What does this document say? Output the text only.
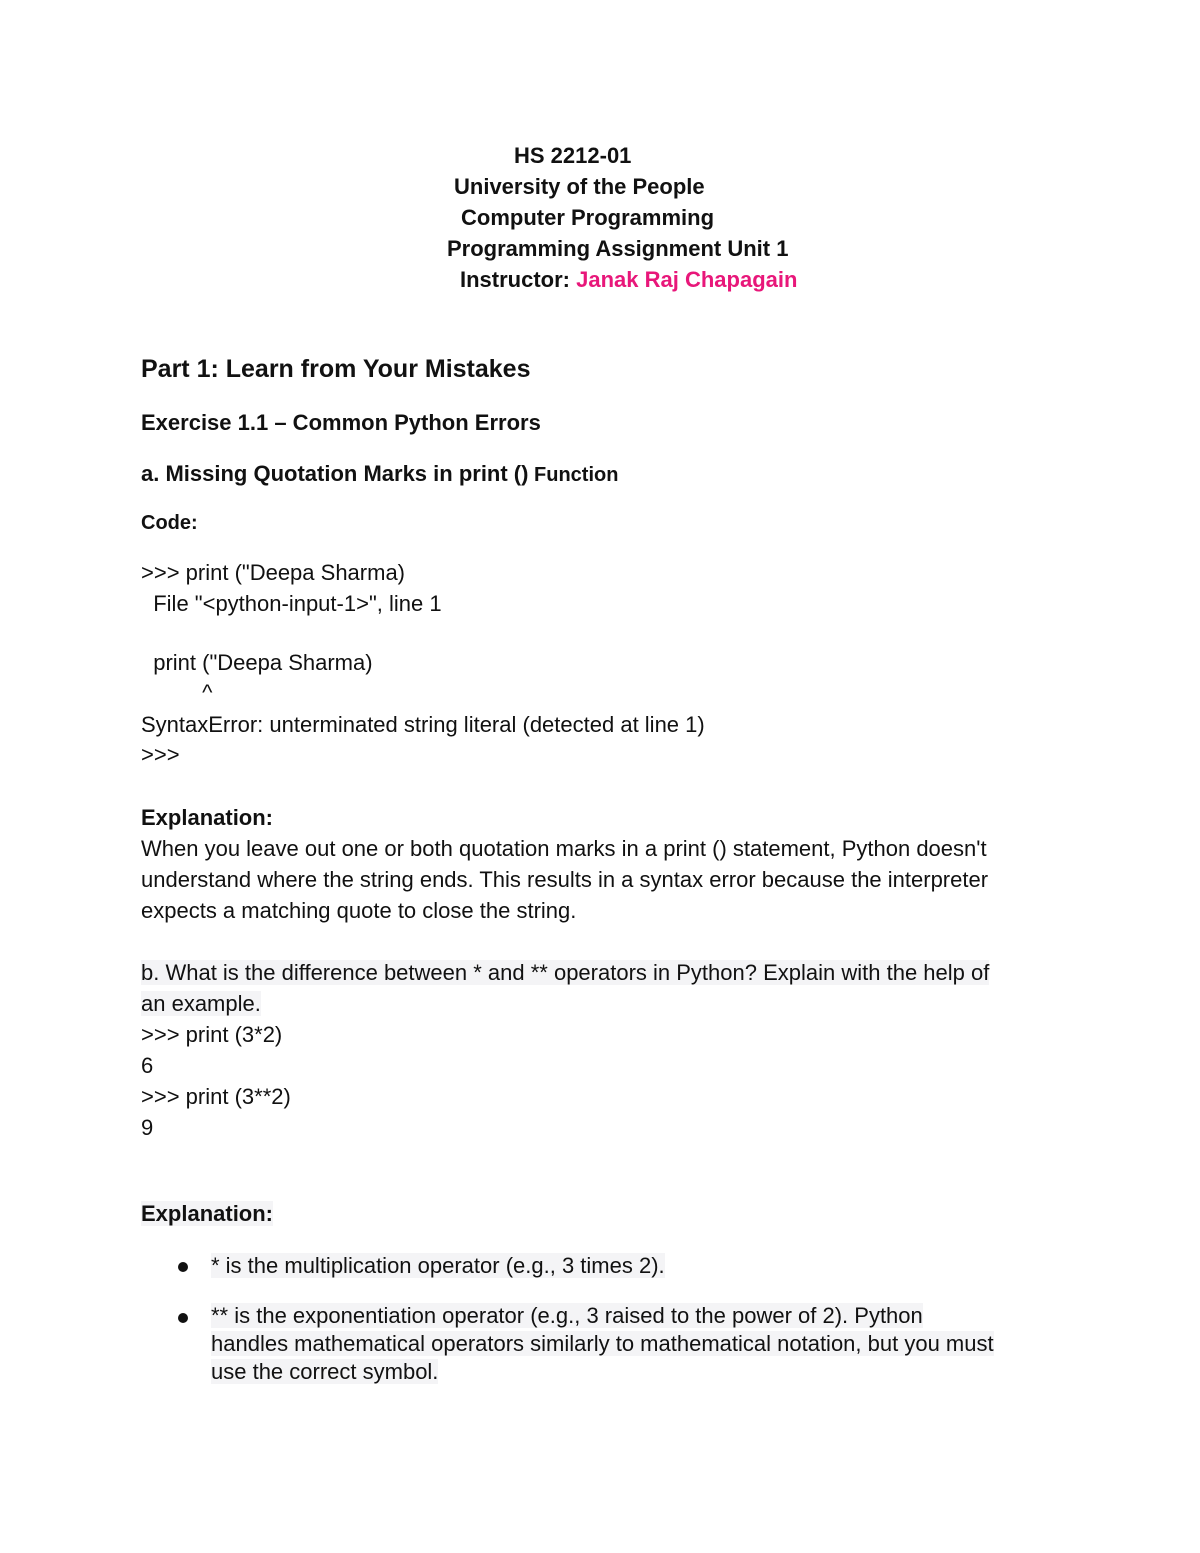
HS 2212-01

University of the People

Computer Programming

Programming Assignment Unit 1

Instructor: Janak Raj Chapagain

Part 1: Learn from Your Mistakes

Exercise 1.1 – Common Python Errors

a. Missing Quotation Marks in print () Function

Code:

>>> print ("Deepa Sharma)

File "<python-input-1>", line 1

print ("Deepa Sharma)

^

SyntaxError: unterminated string literal (detected at line 1)

>>>

Explanation:

When you leave out one or both quotation marks in a print () statement, Python doesn't

understand where the string ends. This results in a syntax error because the interpreter

expects a matching quote to close the string.

b. What is the difference between * and ** operators in Python? Explain with the help of

an example.

>>> print (3*2)

6

>>> print (3**2)

9

Explanation:

* is the multiplication operator (e.g., 3 times 2).

** is the exponentiation operator (e.g., 3 raised to the power of 2). Python

handles mathematical operators similarly to mathematical notation, but you must

use the correct symbol.
